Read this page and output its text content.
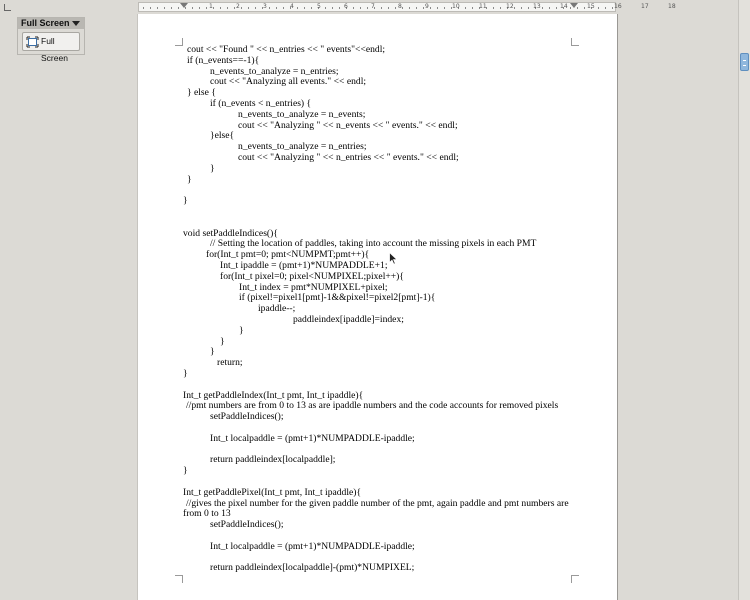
1	2	3	4	5	6	7	8	9	10	11	12	13	14	15	16	17	18
Full Screen
Full Screen
cout << "Found " << n_entries << " events"<<endl;
if (n_events==-1){
n_events_to_analyze = n_entries;
cout << "Analyzing all events." << endl;
} else {
if (n_events < n_entries) {
n_events_to_analyze = n_events;
cout << "Analyzing " << n_events << " events." << endl;
}else{
n_events_to_analyze = n_entries;
cout << "Analyzing " << n_entries << " events." << endl;
}
}
}
void setPaddleIndices(){
// Setting the location of paddles, taking into account the missing pixels in each PMT
for(Int_t pmt=0; pmt<NUMPMT;pmt++){
Int_t ipaddle = (pmt+1)*NUMPADDLE+1;
for(Int_t pixel=0; pixel<NUMPIXEL;pixel++){
Int_t index = pmt*NUMPIXEL+pixel;
if (pixel!=pixel1[pmt]-1&&pixel!=pixel2[pmt]-1){
ipaddle--;
paddleindex[ipaddle]=index;
}
}
}
return;
}
Int_t getPaddleIndex(Int_t pmt, Int_t ipaddle){
//pmt numbers are from 0 to 13 as are ipaddle numbers and the code accounts for removed pixels
setPaddleIndices();
Int_t localpaddle = (pmt+1)*NUMPADDLE-ipaddle;
return paddleindex[localpaddle];
}
Int_t getPaddlePixel(Int_t pmt, Int_t ipaddle){
//gives the pixel number for the given paddle number of the pmt, again paddle and pmt numbers are
from 0 to 13
setPaddleIndices();
Int_t localpaddle = (pmt+1)*NUMPADDLE-ipaddle;
return paddleindex[localpaddle]-(pmt)*NUMPIXEL;
